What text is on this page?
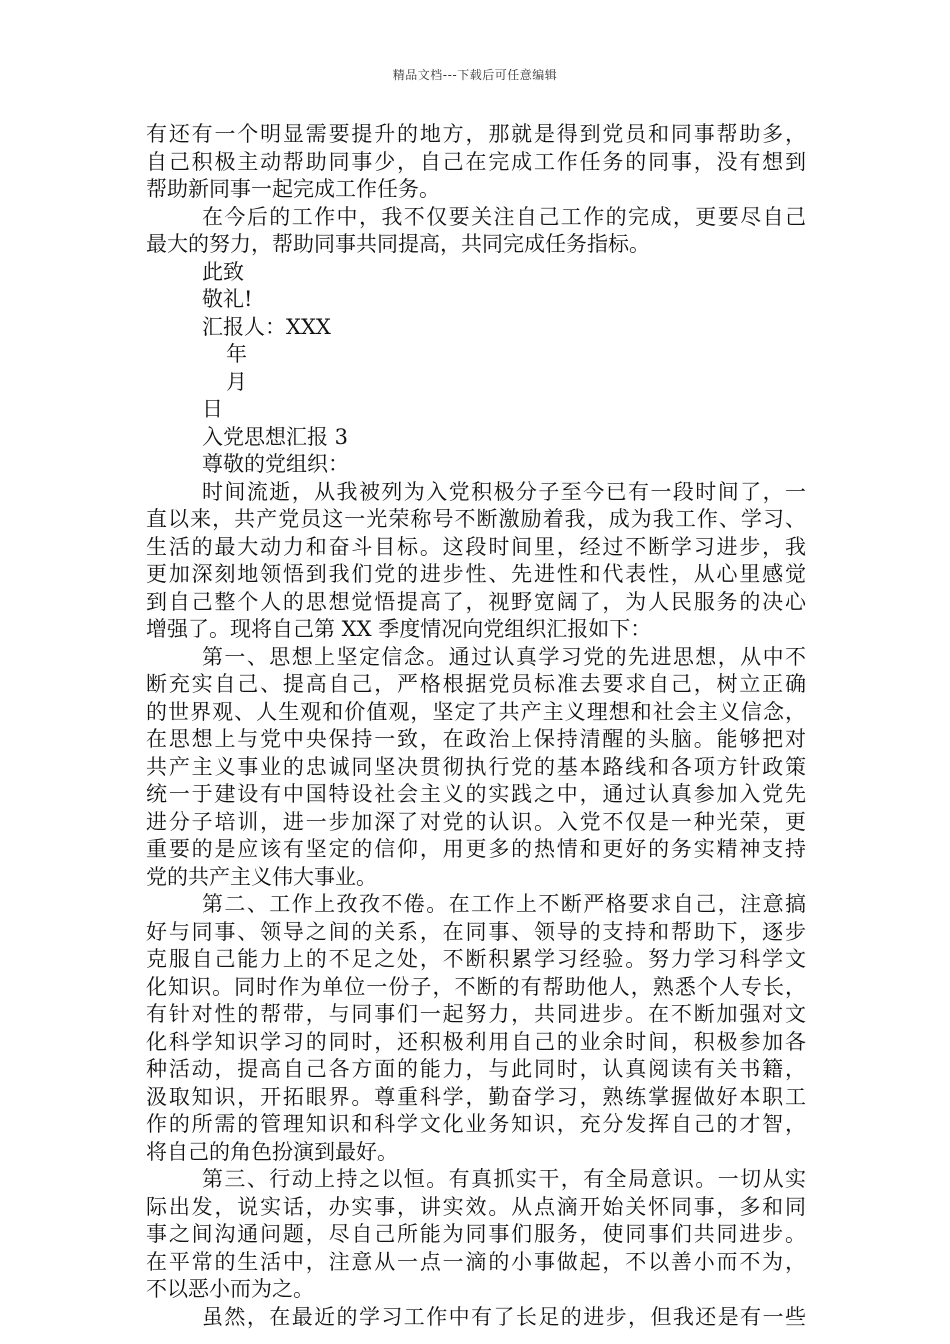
精品文档---下载后可任意编辑
有还有一个明显需要提升的地方，那就是得到党员和同事帮助多，
自己积极主动帮助同事少，自己在完成工作任务的同事，没有想到
帮助新同事一起完成工作任务。
在今后的工作中，我不仅要关注自己工作的完成，更要尽自己
最大的努力，帮助同事共同提高，共同完成任务指标。
此致
敬礼!
汇报人：XXX
年
月
日
入党思想汇报 3
尊敬的党组织：
时间流逝，从我被列为入党积极分子至今已有一段时间了，一
直以来，共产党员这一光荣称号不断激励着我，成为我工作、学习、
生活的最大动力和奋斗目标。这段时间里，经过不断学习进步，我
更加深刻地领悟到我们党的进步性、先进性和代表性，从心里感觉
到自己整个人的思想觉悟提高了，视野宽阔了，为人民服务的决心
增强了。现将自己第 XX 季度情况向党组织汇报如下：
第一、思想上坚定信念。通过认真学习党的先进思想，从中不
断充实自己、提高自己，严格根据党员标准去要求自己，树立正确
的世界观、人生观和价值观，坚定了共产主义理想和社会主义信念，
在思想上与党中央保持一致，在政治上保持清醒的头脑。能够把对
共产主义事业的忠诚同坚决贯彻执行党的基本路线和各项方针政策
统一于建设有中国特设社会主义的实践之中，通过认真参加入党先
进分子培训，进一步加深了对党的认识。入党不仅是一种光荣，更
重要的是应该有坚定的信仰，用更多的热情和更好的务实精神支持
党的共产主义伟大事业。
第二、工作上孜孜不倦。在工作上不断严格要求自己，注意搞
好与同事、领导之间的关系，在同事、领导的支持和帮助下，逐步
克服自己能力上的不足之处，不断积累学习经验。努力学习科学文
化知识。同时作为单位一份子，不断的有帮助他人，熟悉个人专长，
有针对性的帮带，与同事们一起努力，共同进步。在不断加强对文
化科学知识学习的同时，还积极利用自己的业余时间，积极参加各
种活动，提高自己各方面的能力，与此同时，认真阅读有关书籍，
汲取知识，开拓眼界。尊重科学，勤奋学习，熟练掌握做好本职工
作的所需的管理知识和科学文化业务知识，充分发挥自己的才智，
将自己的角色扮演到最好。
第三、行动上持之以恒。有真抓实干，有全局意识。一切从实
际出发，说实话，办实事，讲实效。从点滴开始关怀同事，多和同
事之间沟通问题，尽自己所能为同事们服务，使同事们共同进步。
在平常的生活中，注意从一点一滴的小事做起，不以善小而不为，
不以恶小而为之。
虽然，在最近的学习工作中有了长足的进步，但我还是有一些
